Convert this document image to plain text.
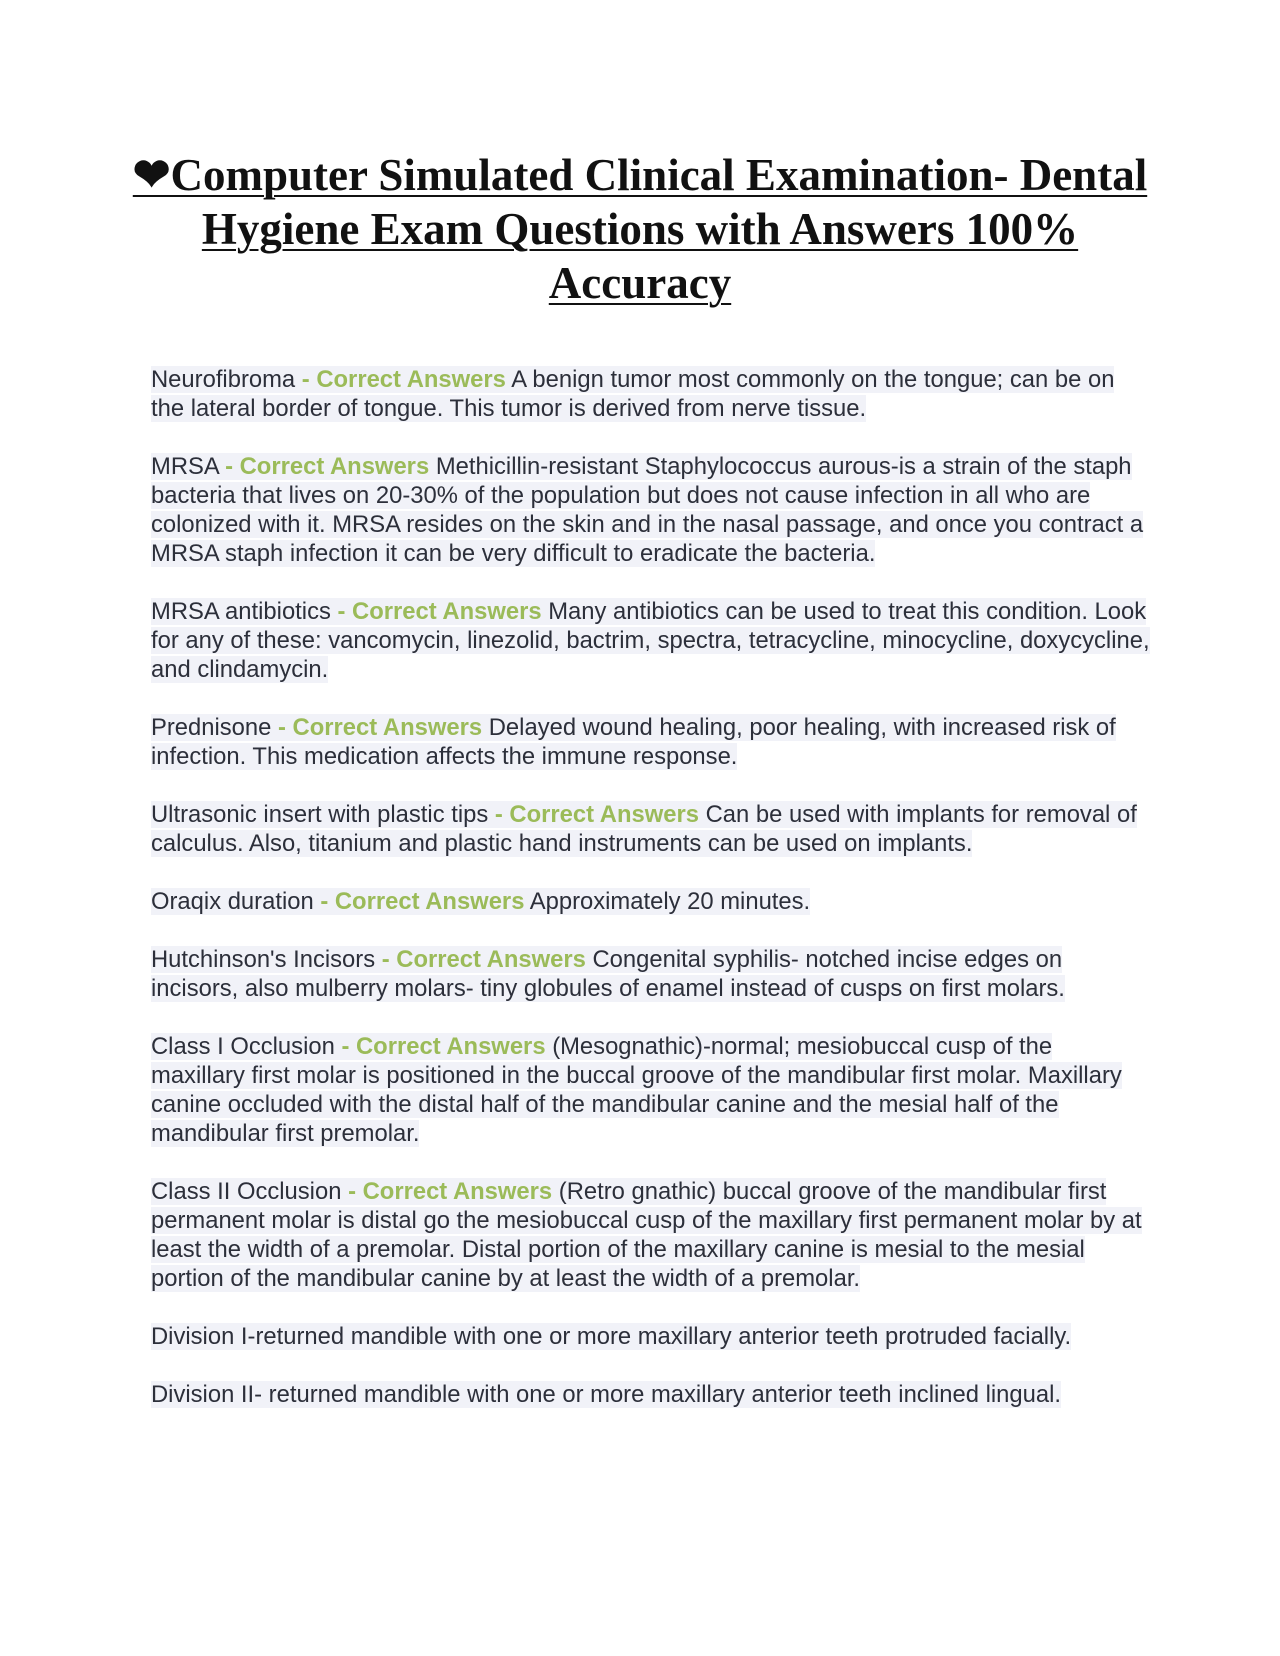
❤Computer Simulated Clinical Examination- Dental Hygiene Exam Questions with Answers 100% Accuracy

Neurofibroma - Correct Answers A benign tumor most commonly on the tongue; can be on the lateral border of tongue. This tumor is derived from nerve tissue.

MRSA - Correct Answers Methicillin-resistant Staphylococcus aurous-is a strain of the staph bacteria that lives on 20-30% of the population but does not cause infection in all who are colonized with it. MRSA resides on the skin and in the nasal passage, and once you contract a MRSA staph infection it can be very difficult to eradicate the bacteria.

MRSA antibiotics - Correct Answers Many antibiotics can be used to treat this condition. Look for any of these: vancomycin, linezolid, bactrim, spectra, tetracycline, minocycline, doxycycline, and clindamycin.

Prednisone - Correct Answers Delayed wound healing, poor healing, with increased risk of infection. This medication affects the immune response.

Ultrasonic insert with plastic tips - Correct Answers Can be used with implants for removal of calculus. Also, titanium and plastic hand instruments can be used on implants.

Oraqix duration - Correct Answers Approximately 20 minutes.

Hutchinson's Incisors - Correct Answers Congenital syphilis- notched incise edges on incisors, also mulberry molars- tiny globules of enamel instead of cusps on first molars.

Class I Occlusion - Correct Answers (Mesognathic)-normal; mesiobuccal cusp of the maxillary first molar is positioned in the buccal groove of the mandibular first molar. Maxillary canine occluded with the distal half of the mandibular canine and the mesial half of the mandibular first premolar.

Class II Occlusion - Correct Answers (Retro gnathic) buccal groove of the mandibular first permanent molar is distal go the mesiobuccal cusp of the maxillary first permanent molar by at least the width of a premolar. Distal portion of the maxillary canine is mesial to the mesial portion of the mandibular canine by at least the width of a premolar.

Division I-returned mandible with one or more maxillary anterior teeth protruded facially.

Division II- returned mandible with one or more maxillary anterior teeth inclined lingual.
